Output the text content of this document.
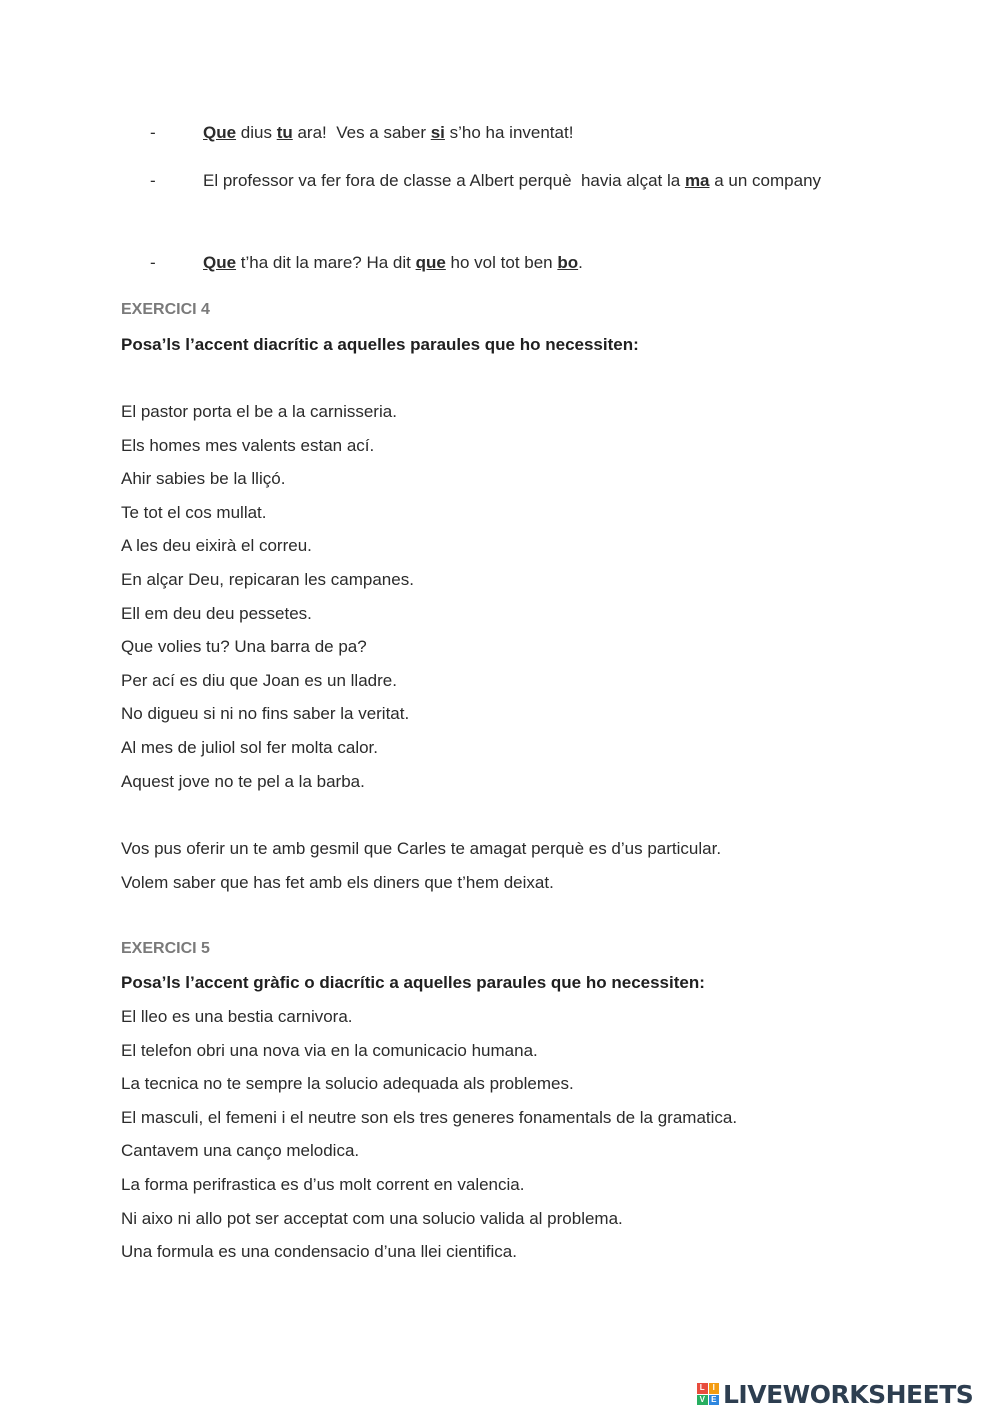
-	Que dius tu ara!  Ves a saber si s’ho ha inventat!
-	El professor va fer fora de classe a Albert perquè  havia alçat la ma a un company
-	Que t’ha dit la mare? Ha dit que ho vol tot ben bo.
EXERCICI 4
Posa’ls l’accent diacrític a aquelles paraules que ho necessiten:
El pastor porta el be a la carnisseria.
Els homes mes valents estan ací.
Ahir sabies be la lliçó.
Te tot el cos mullat.
A les deu eixirà el correu.
En alçar Deu, repicaran les campanes.
Ell em deu deu pessetes.
Que volies tu? Una barra de pa?
Per ací es diu que Joan es un lladre.
No digueu si ni no fins saber la veritat.
Al mes de juliol sol fer molta calor.
Aquest jove no te pel a la barba.
Vos pus oferir un te amb gesmil que Carles te amagat perquè es d’us particular.
Volem saber que has fet amb els diners que t’hem deixat.
EXERCICI 5
Posa’ls l’accent gràfic o diacrític a aquelles paraules que ho necessiten:
El lleo es una bestia carnivora.
El telefon obri una nova via en la comunicacio humana.
La tecnica no te sempre la solucio adequada als problemes.
El masculi, el femeni i el neutre son els tres generes fonamentals de la gramatica.
Cantavem una canço melodica.
La forma perifrastica es d’us molt corrent en valencia.
Ni aixo ni allo pot ser acceptat com una solucio valida al problema.
Una formula es una condensacio d’una llei cientifica.
L I
V E LIVEWORKSHEETS
